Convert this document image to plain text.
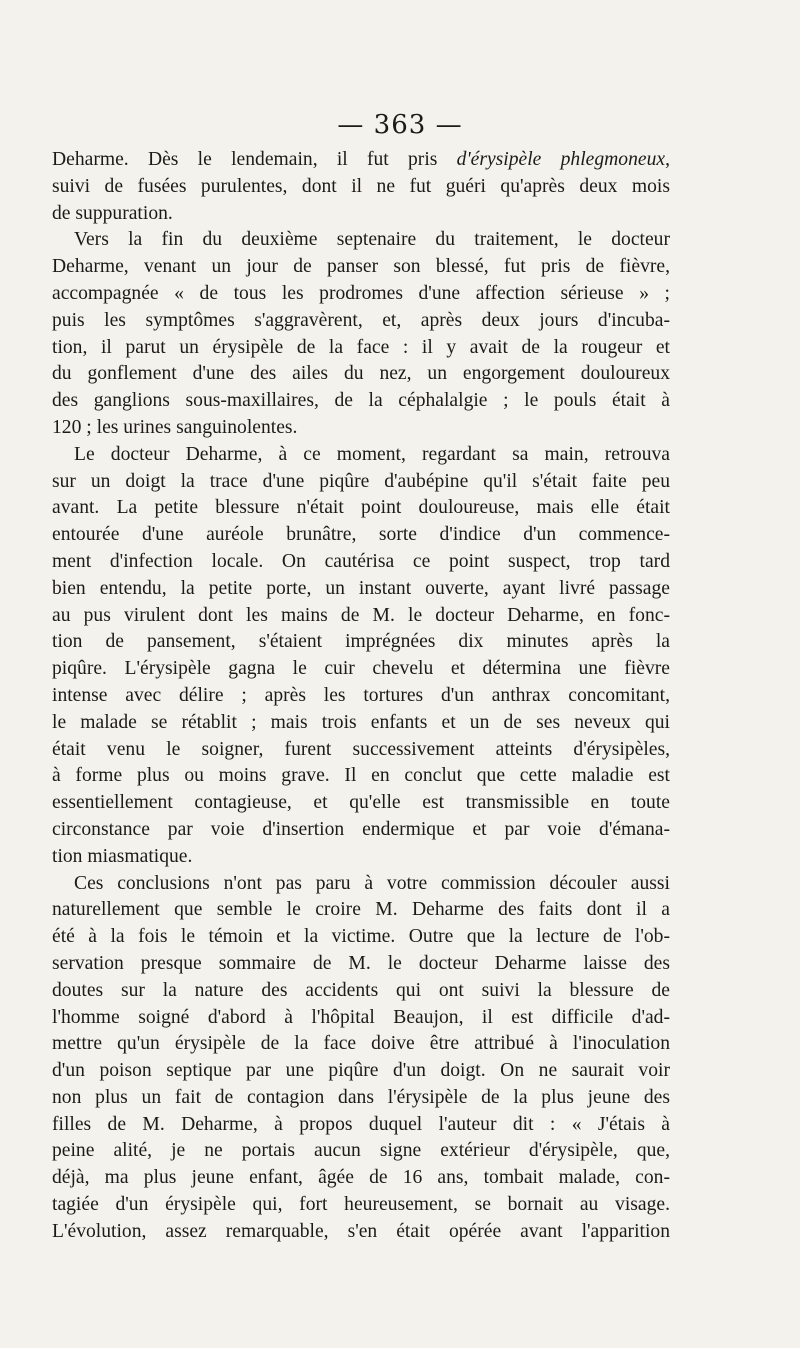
— 363 —
Deharme. Dès le lendemain, il fut pris d'érysipèle phlegmoneux,
suivi de fusées purulentes, dont il ne fut guéri qu'après deux mois
de suppuration.
Vers la fin du deuxième septenaire du traitement, le docteur
Deharme, venant un jour de panser son blessé, fut pris de fièvre,
accompagnée « de tous les prodromes d'une affection sérieuse » ;
puis les symptômes s'aggravèrent, et, après deux jours d'incuba-
tion, il parut un érysipèle de la face : il y avait de la rougeur et
du gonflement d'une des ailes du nez, un engorgement douloureux
des ganglions sous-maxillaires, de la céphalalgie ; le pouls était à
120 ; les urines sanguinolentes.
Le docteur Deharme, à ce moment, regardant sa main, retrouva
sur un doigt la trace d'une piqûre d'aubépine qu'il s'était faite peu
avant. La petite blessure n'était point douloureuse, mais elle était
entourée d'une auréole brunâtre, sorte d'indice d'un commence-
ment d'infection locale. On cautérisa ce point suspect, trop tard
bien entendu, la petite porte, un instant ouverte, ayant livré passage
au pus virulent dont les mains de M. le docteur Deharme, en fonc-
tion de pansement, s'étaient imprégnées dix minutes après la
piqûre. L'érysipèle gagna le cuir chevelu et détermina une fièvre
intense avec délire ; après les tortures d'un anthrax concomitant,
le malade se rétablit ; mais trois enfants et un de ses neveux qui
était venu le soigner, furent successivement atteints d'érysipèles,
à forme plus ou moins grave. Il en conclut que cette maladie est
essentiellement contagieuse, et qu'elle est transmissible en toute
circonstance par voie d'insertion endermique et par voie d'émana-
tion miasmatique.
Ces conclusions n'ont pas paru à votre commission découler aussi
naturellement que semble le croire M. Deharme des faits dont il a
été à la fois le témoin et la victime. Outre que la lecture de l'ob-
servation presque sommaire de M. le docteur Deharme laisse des
doutes sur la nature des accidents qui ont suivi la blessure de
l'homme soigné d'abord à l'hôpital Beaujon, il est difficile d'ad-
mettre qu'un érysipèle de la face doive être attribué à l'inoculation
d'un poison septique par une piqûre d'un doigt. On ne saurait voir
non plus un fait de contagion dans l'érysipèle de la plus jeune des
filles de M. Deharme, à propos duquel l'auteur dit : « J'étais à
peine alité, je ne portais aucun signe extérieur d'érysipèle, que,
déjà, ma plus jeune enfant, âgée de 16 ans, tombait malade, con-
tagiée d'un érysipèle qui, fort heureusement, se bornait au visage.
L'évolution, assez remarquable, s'en était opérée avant l'apparition
